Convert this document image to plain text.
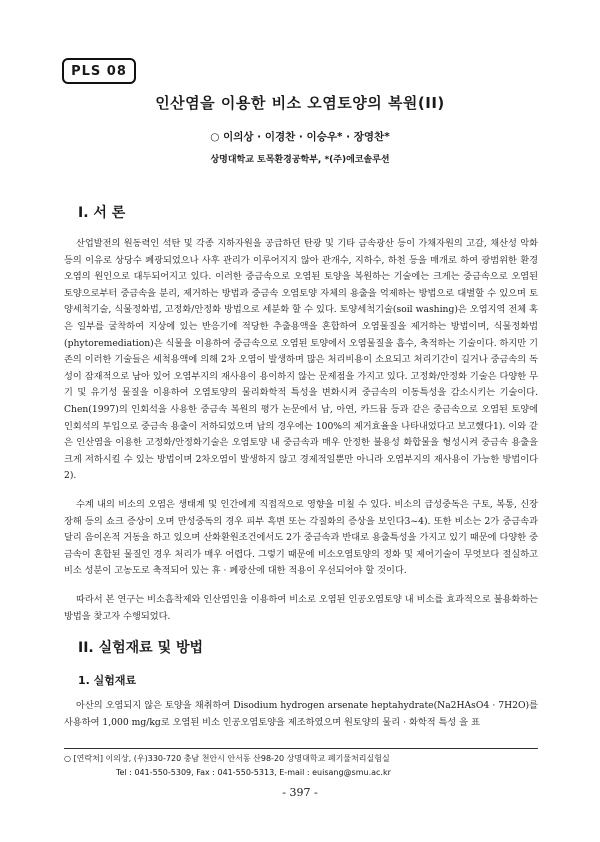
PLS 08
인산염을 이용한 비소 오염토양의 복원(II)
○ 이의상 · 이경찬 · 이승우* · 장영찬*
상명대학교 토목환경공학부, *(주)에코솔루션
I. 서 론

산업발전의 원동력인 석탄 및 각종 지하자원을 공급하던 탄광 및 기타 금속광산 등이 가채자원의 고갈, 채산성 악화 등의 이유로 상당수 폐광되었으나 사후 관리가 이루어지지 않아 관개수, 지하수, 하천 등을 매개로 하여 광범위한 환경오염의 원인으로 대두되어지고 있다. 이러한 중금속으로 오염된 토양을 복원하는 기술에는 크게는 중금속으로 오염된 토양으로부터 중금속을 분리, 제거하는 방법과 중금속 오염토양 자체의 용출을 억제하는 방법으로 대별할 수 있으며 토양세척기술, 식물정화법, 고정화/안정화 방법으로 세분화 할 수 있다. 토양세척기술(soil washing)은 오염지역 전체 혹은 일부를 굴착하여 지상에 있는 반응기에 적당한 추출용액을 혼합하여 오염물질을 제거하는 방법이며, 식물정화법(phytoremediation)은 식물을 이용하여 중금속으로 오염된 토양에서 오염물질을 흡수, 축적하는 기술이다. 하지만 기존의 이러한 기술들은 세척용액에 의해 2차 오염이 발생하며 많은 처리비용이 소요되고 처리기간이 길거나 중금속의 독성이 잠재적으로 남아 있어 오염부지의 재사용이 용이하지 않는 문제점을 가지고 있다. 고정화/안정화 기술은 다양한 무기 및 유기성 물질을 이용하여 오염토양의 물리화학적 특성을 변화시켜 중금속의 이동특성을 감소시키는 기술이다. Chen(1997)의 인회석을 사용한 중금속 복원의 평가 논문에서 납, 아연, 카드뮴 등과 같은 중금속으로 오염된 토양에 인회석의 투입으로 중금속 용출이 저하되었으며 납의 경우에는 100%의 제거효율을 나타내었다고 보고했다1). 이와 같은 인산염을 이용한 고정화/안정화기술은 오염토양 내 중금속과 매우 안정한 불용성 화합물을 형성시켜 중금속 용출을 크게 저하시킬 수 있는 방법이며 2차오염이 발생하지 않고 경제적일뿐만 아니라 오염부지의 재사용이 가능한 방법이다2).

수계 내의 비소의 오염은 생태계 및 인간에게 직접적으로 영향을 미칠 수 있다. 비소의 급성중독은 구토, 복통, 신장장해 등의 쇼크 증상이 오며 만성중독의 경우 피부 흑변 또는 각질화의 증상을 보인다3~4). 또한 비소는 2가 중금속과 달리 음이온적 거동을 하고 있으며 산화환원조건에서도 2가 중금속과 반대로 용출특성을 가지고 있기 때문에 다양한 중금속이 혼합된 물질인 경우 처리가 매우 어렵다. 그렇기 때문에 비소오염토양의 정화 및 제어기술이 무엇보다 절실하고 비소 성분이 고농도로 축적되어 있는 휴 · 폐광산에 대한 적용이 우선되어야 할 것이다.

따라서 본 연구는 비소흡착제와 인산염인을 이용하여 비소로 오염된 인공오염토양 내 비소를 효과적으로 불용화하는 방법을 찾고자 수행되었다.

II. 실험재료 및 방법
1. 실험재료

아산의 오염되지 않은 토양을 채취하여 Disodium hydrogen arsenate heptahydrate(Na2HAsO4 · 7H2O)를 사용하여 1,000 mg/kg로 오염된 비소 인공오염토양을 제조하였으며 원토양의 물리 · 화학적 특성 을 표

○ [연락처] 이의상, (우)330-720 충남 천안시 안서동 산98-20 상명대학교 폐기물처리실험실
Tel : 041-550-5309, Fax : 041-550-5313, E-mail : euisang@smu.ac.kr
- 397 -
